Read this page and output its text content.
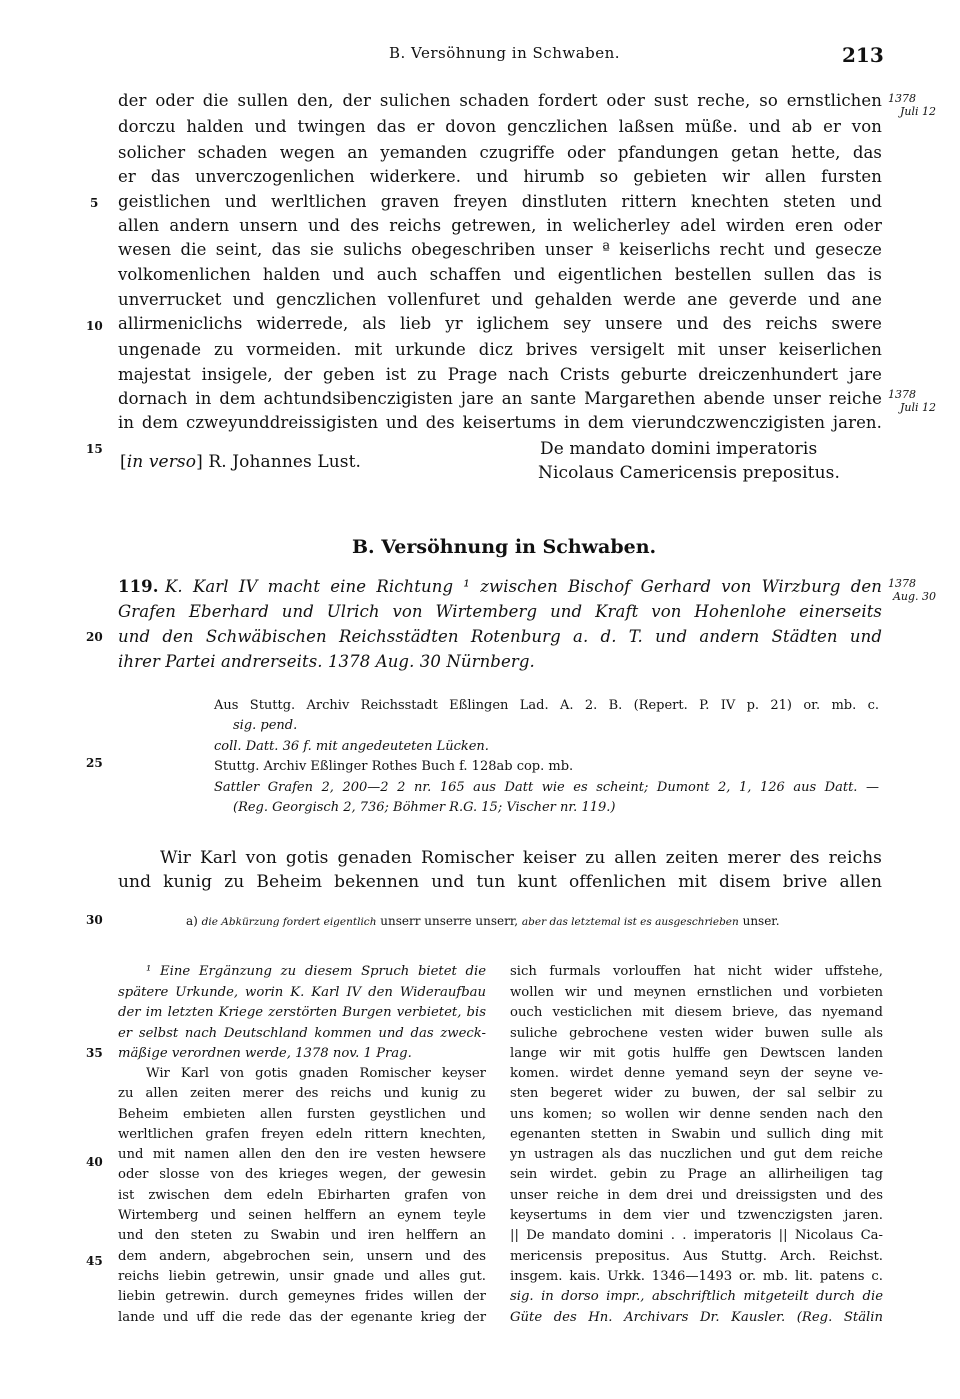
B. Versöhnung in Schwaben.	213
der oder die sullen den, der sulichen schaden fordert oder sust reche, so ernstlichen
dorczu halden und twingen das er dovon genczlichen laßsen müße. und ab er von
solicher schaden wegen an yemanden czugriffe oder pfandungen getan hette, das
er das unverczogenlichen widerkere. und hirumb so gebieten wir allen fursten
geistlichen und werltlichen graven freyen dinstluten rittern knechten steten und
allen andern unsern und des reichs getrewen, in welicherley adel wirden eren oder
wesen die seint, das sie sulichs obegeschriben unser ª keiserlichs recht und gesecze
volkomenlichen halden und auch schaffen und eigentlichen bestellen sullen das is
unverrucket und genczlichen vollenfuret und gehalden werde ane geverde und ane
allirmeniclichs widerrede, als lieb yr iglichem sey unsere und des reichs swere
ungenade zu vormeiden. mit urkunde dicz brives versigelt mit unser keiserlichen
majestat insigele, der geben ist zu Prage nach Crists geburte dreiczenhundert jare
dornach in dem achtundsibenczigisten jare an sante Margarethen abende unser reiche
in dem czweyunddreissigisten und des keisertums in dem vierundczwenczigisten jaren.
1378
Juli 12
1378
Juli 12
1378
Aug. 30
5
10
15
20
25
30
35
40
45
[in verso] R. Johannes Lust.
De mandato domini imperatoris
Nicolaus Camericensis prepositus.
B. Versöhnung in Schwaben.
119. K. Karl IV macht eine Richtung ¹ zwischen Bischof Gerhard von Wirzburg den
Grafen Eberhard und Ulrich von Wirtemberg und Kraft von Hohenlohe einerseits
und den Schwäbischen Reichsstädten Rotenburg a. d. T. und andern Städten und
ihrer Partei andrerseits. 1378 Aug. 30 Nürnberg.
Aus Stuttg. Archiv Reichsstadt Eßlingen Lad. A. 2. B. (Repert. P. IV p. 21) or. mb. c.
sig. pend.
coll. Datt. 36 f. mit angedeuteten Lücken.
Stuttg. Archiv Eßlinger Rothes Buch f. 128ab cop. mb.
Sattler Grafen 2, 200—2 2 nr. 165 aus Datt wie es scheint; Dumont 2, 1, 126 aus Datt. —
(Reg. Georgisch 2, 736; Böhmer R.G. 15; Vischer nr. 119.)
Wir Karl von gotis genaden Romischer keiser zu allen zeiten merer des reichs
und kunig zu Beheim bekennen und tun kunt offenlichen mit disem brive allen
a) die Abkürzung fordert eigentlich unserr unserre unserr, aber das letztemal ist es ausgeschrieben unser.
¹ Eine Ergänzung zu diesem Spruch bietet die
spätere Urkunde, worin K. Karl IV den Wideraufbau
der im letzten Kriege zerstörten Burgen verbietet, bis
er selbst nach Deutschland kommen und das zweck-
mäßige verordnen werde, 1378 nov. 1 Prag.
Wir Karl von gotis gnaden Romischer keyser
zu allen zeiten merer des reichs und kunig zu
Beheim embieten allen fursten geystlichen und
werltlichen grafen freyen edeln rittern knechten,
und mit namen allen den den ire vesten hewsere
oder slosse von des krieges wegen, der gewesin
ist zwischen dem edeln Ebirharten grafen von
Wirtemberg und seinen helffern an eynem teyle
und den steten zu Swabin und iren helffern an
dem andern, abgebrochen sein, unsern und des
reichs liebin getrewin, unsir gnade und alles gut.
liebin getrewin. durch gemeynes frides willen der
lande und uff die rede das der egenante krieg der
sich furmals vorlouffen hat nicht wider uffstehe,
wollen wir und meynen ernstlichen und vorbieten
ouch vesticlichen mit diesem brieve, das nyemand
suliche gebrochene vesten wider buwen sulle als
lange wir mit gotis hulffe gen Dewtscen landen
komen. wirdet denne yemand seyn der seyne ve-
sten begeret wider zu buwen, der sal selbir zu
uns komen; so wollen wir denne senden nach den
egenanten stetten in Swabin und sullich ding mit
yn ustragen als das nuczlichen und gut dem reiche
sein wirdet. gebin zu Prage an allirheiligen tag
unser reiche in dem drei und dreissigsten und des
keysertums in dem vier und tzwenczigsten jaren.
|| De mandato domini . . imperatoris || Nicolaus Ca-
mericensis prepositus. Aus Stuttg. Arch. Reichst.
insgem. kais. Urkk. 1346—1493 or. mb. lit. patens c.
sig. in dorso impr., abschriftlich mitgeteilt durch die
Güte des Hn. Archivars Dr. Kausler. (Reg. Stälin
